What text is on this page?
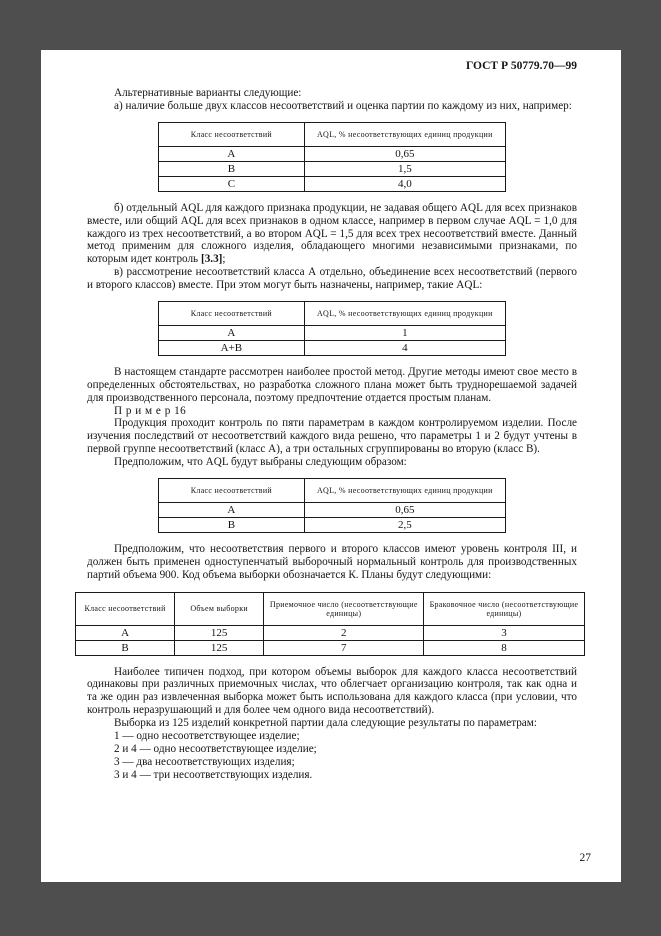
ГОСТ Р 50779.70—99

Альтернативные варианты следующие:

а) наличие больше двух классов несоответствий и оценка партии по каждому из них, например:

Класс несоответствий	AQL, % несоответствующих единиц продукции
А	0,65
В	1,5
С	4,0

б) отдельный AQL для каждого признака продукции, не задавая общего AQL для всех признаков вместе, или общий AQL для всех признаков в одном классе, например в первом случае AQL = 1,0 для каждого из трех несоответствий, а во втором AQL = 1,5 для всех трех несоответствий вместе. Данный метод применим для сложного изделия, обладающего многими независимыми признаками, по которым идет контроль [3.3];

в) рассмотрение несоответствий класса А отдельно, объединение всех несоответствий (первого и второго классов) вместе. При этом могут быть назначены, например, такие AQL:

Класс несоответствий	AQL, % несоответствующих единиц продукции
А	1
А+В	4

В настоящем стандарте рассмотрен наиболее простой метод. Другие методы имеют свое место в определенных обстоятельствах, но разработка сложного плана может быть труднорешаемой задачей для производственного персонала, поэтому предпочтение отдается простым планам.

П р и м е р 16

Продукция проходит контроль по пяти параметрам в каждом контролируемом изделии. После изучения последствий от несоответствий каждого вида решено, что параметры 1 и 2 будут учтены в первой группе несоответствий (класс А), а три остальных сгруппированы во вторую (класс В).

Предположим, что AQL будут выбраны следующим образом:

Класс несоответствий	AQL, % несоответствующих единиц продукции
А	0,65
В	2,5

Предположим, что несоответствия первого и второго классов имеют уровень контроля III, и должен быть применен одноступенчатый выборочный нормальный контроль для производственных партий объема 900. Код объема выборки обозначается К. Планы будут следующими:

Класс несоответствий	Объем выборки	Приемочное число (несоответствующие единицы)	Браковочное число (несоответствующие единицы)
А	125	2	3
В	125	7	8

Наиболее типичен подход, при котором объемы выборок для каждого класса несоответствий одинаковы при различных приемочных числах, что облегчает организацию контроля, так как одна и та же один раз извлеченная выборка может быть использована для каждого класса (при условии, что контроль неразрушающий и для более чем одного вида несоответствий).

Выборка из 125 изделий конкретной партии дала следующие результаты по параметрам:

1 — одно несоответствующее изделие;

2 и 4 — одно несоответствующее изделие;

3 — два несоответствующих изделия;

3 и 4 — три несоответствующих изделия.

27
